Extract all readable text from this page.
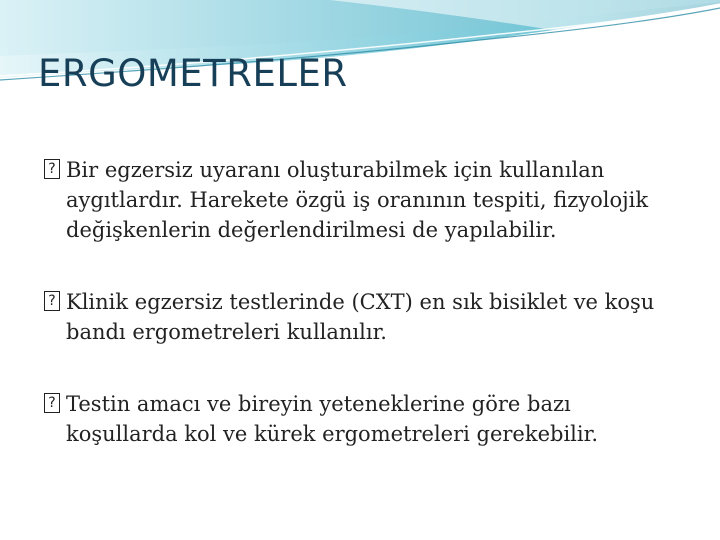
ERGOMETRELER
? Bir egzersiz uyaranı oluşturabilmek için kullanılan aygıtlardır. Harekete özgü iş oranının tespiti, fizyolojik değişkenlerin değerlendirilmesi de yapılabilir.
? Klinik egzersiz testlerinde (CXT) en sık bisiklet ve koşu bandı ergometreleri kullanılır.
? Testin amacı ve bireyin yeteneklerine göre bazı koşullarda kol ve kürek ergometreleri gerekebilir.
